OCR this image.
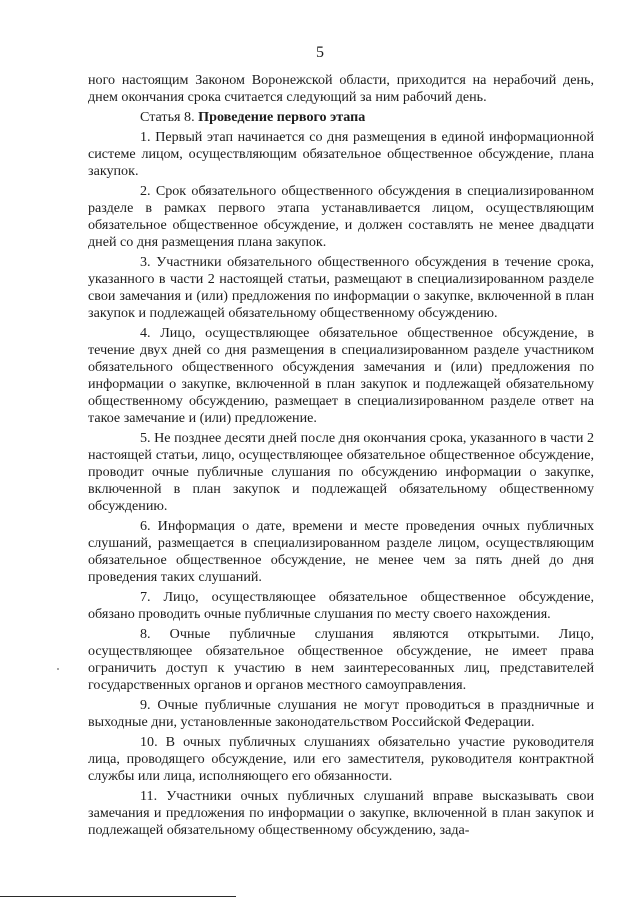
5

ного настоящим Законом Воронежской области, приходится на нерабочий день, днем окончания срока считается следующий за ним рабочий день.

Статья 8. Проведение первого этапа

1. Первый этап начинается со дня размещения в единой информационной системе лицом, осуществляющим обязательное общественное обсуждение, плана закупок.

2. Срок обязательного общественного обсуждения в специализированном разделе в рамках первого этапа устанавливается лицом, осуществляющим обязательное общественное обсуждение, и должен составлять не менее двадцати дней со дня размещения плана закупок.

3. Участники обязательного общественного обсуждения в течение срока, указанного в части 2 настоящей статьи, размещают в специализированном разделе свои замечания и (или) предложения по информации о закупке, включенной в план закупок и подлежащей обязательному общественному обсуждению.

4. Лицо, осуществляющее обязательное общественное обсуждение, в течение двух дней со дня размещения в специализированном разделе участником обязательного общественного обсуждения замечания и (или) предложения по информации о закупке, включенной в план закупок и подлежащей обязательному общественному обсуждению, размещает в специализированном разделе ответ на такое замечание и (или) предложение.

5. Не позднее десяти дней после дня окончания срока, указанного в части 2 настоящей статьи, лицо, осуществляющее обязательное общественное обсуждение, проводит очные публичные слушания по обсуждению информации о закупке, включенной в план закупок и подлежащей обязательному общественному обсуждению.

6. Информация о дате, времени и месте проведения очных публичных слушаний, размещается в специализированном разделе лицом, осуществляющим обязательное общественное обсуждение, не менее чем за пять дней до дня проведения таких слушаний.

7. Лицо, осуществляющее обязательное общественное обсуждение, обязано проводить очные публичные слушания по месту своего нахождения.

8. Очные публичные слушания являются открытыми. Лицо, осуществляющее обязательное общественное обсуждение, не имеет права ограничить доступ к участию в нем заинтересованных лиц, представителей государственных органов и органов местного самоуправления.

9. Очные публичные слушания не могут проводиться в праздничные и выходные дни, установленные законодательством Российской Федерации.

10. В очных публичных слушаниях обязательно участие руководителя лица, проводящего обсуждение, или его заместителя, руководителя контрактной службы или лица, исполняющего его обязанности.

11. Участники очных публичных слушаний вправе высказывать свои замечания и предложения по информации о закупке, включенной в план закупок и подлежащей обязательному общественному обсуждению, зада-
